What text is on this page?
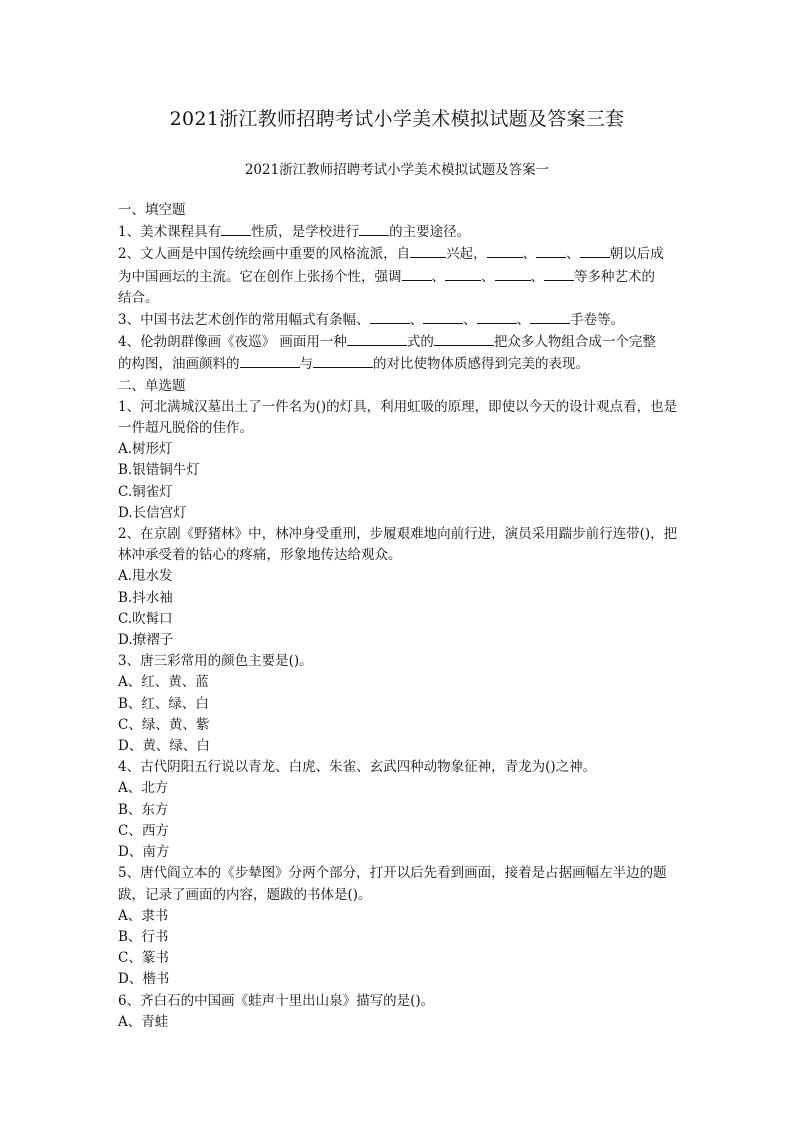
2021浙江教师招聘考试小学美术模拟试题及答案三套
2021浙江教师招聘考试小学美术模拟试题及答案一
一、填空题
1、美术课程具有 性质，是学校进行 的主要途径。
2、文人画是中国传统绘画中重要的风格流派，自	兴起，	、 、 朝以后成
为中国画坛的主流。它在创作上张扬个性，强调 、	、	、 等多种艺术的
结合。
3、中国书法艺术创作的常用幅式有条幅、	、	、	、	手卷等。
4、伦勃朗群像画《夜巡》 画面用一种	式的	把众多人物组合成一个完整
的构图，油画颜料的	与	的对比使物体质感得到完美的表现。
二、单选题
1、河北满城汉墓出土了一件名为()的灯具，利用虹吸的原理，即使以今天的设计观点看，也是一件超凡脱俗的佳作。
A.树形灯
B.银错铜牛灯
C.铜雀灯
D.长信宫灯
2、在京剧《野猪林》中，林冲身受重刑，步履艰难地向前行进，演员采用踹步前行连带()，把林冲承受着的钻心的疼痛，形象地传达给观众。
A.甩水发
B.抖水袖
C.吹髯口
D.撩褶子
3、唐三彩常用的颜色主要是()。
A、红、黄、蓝
B、红、绿、白
C、绿、黄、紫
D、黄、绿、白
4、古代阴阳五行说以青龙、白虎、朱雀、玄武四种动物象征神，青龙为()之神。
A、北方
B、东方
C、西方
D、南方
5、唐代阎立本的《步辇图》分两个部分，打开以后先看到画面，接着是占据画幅左半边的题跋，记录了画面的内容，题跋的书体是()。
A、隶书
B、行书
C、篆书
D、楷书
6、齐白石的中国画《蛙声十里出山泉》描写的是()。
A、青蛙
